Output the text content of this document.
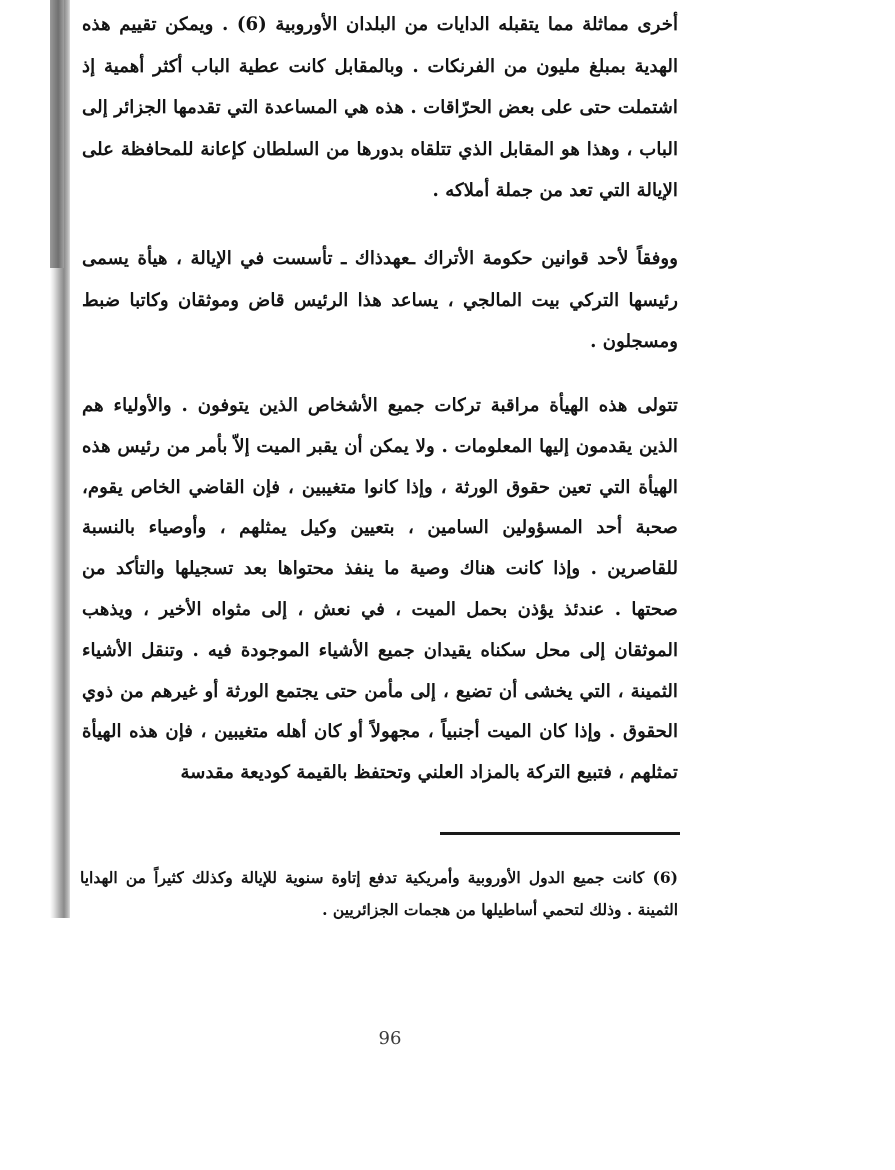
أخرى مماثلة مما يتقبله الدايات من البلدان الأوروبية (6) . ويمكن تقييم هذه الهدية بمبلغ مليون من الفرنكات . وبالمقابل كانت عطية الباب أكثر أهمية إذ اشتملت حتى على بعض الحرّاقات . هذه هي المساعدة التي تقدمها الجزائر إلى الباب ، وهذا هو المقابل الذي تتلقاه بدورها من السلطان كإعانة للمحافظة على الإيالة التي تعد من جملة أملاكه .

ووفقاً لأحد قوانين حكومة الأتراك ـعهدذاك ـ تأسست في الإيالة ، هيأة يسمى رئيسها التركي بيت المالجي ، يساعد هذا الرئيس قاض وموثقان وكاتبا ضبط ومسجلون .

تتولى هذه الهيأة مراقبة تركات جميع الأشخاص الذين يتوفون . والأولياء هم الذين يقدمون إليها المعلومات . ولا يمكن أن يقبر الميت إلاّ بأمر من رئيس هذه الهيأة التي تعين حقوق الورثة ، وإذا كانوا متغيبين ، فإن القاضي الخاص يقوم، صحبة أحد المسؤولين السامين ، بتعيين وكيل يمثلهم ، وأوصياء بالنسبة للقاصرين . وإذا كانت هناك وصية ما ينفذ محتواها بعد تسجيلها والتأكد من صحتها . عندئذ يؤذن بحمل الميت ، في نعش ، إلى مثواه الأخير ، ويذهب الموثقان إلى محل سكناه يقيدان جميع الأشياء الموجودة فيه . وتنقل الأشياء الثمينة ، التي يخشى أن تضيع ، إلى مأمن حتى يجتمع الورثة أو غيرهم من ذوي الحقوق . وإذا كان الميت أجنبياً ، مجهولاً أو كان أهله متغيبين ، فإن هذه الهيأة تمثلهم ، فتبيع التركة بالمزاد العلني وتحتفظ بالقيمة كوديعة مقدسة

(6) كانت جميع الدول الأوروبية وأمريكية تدفع إتاوة سنوية للإيالة وكذلك كثيراً من الهدايا الثمينة . وذلك لتحمي أساطيلها من هجمات الجزائريين .

96
